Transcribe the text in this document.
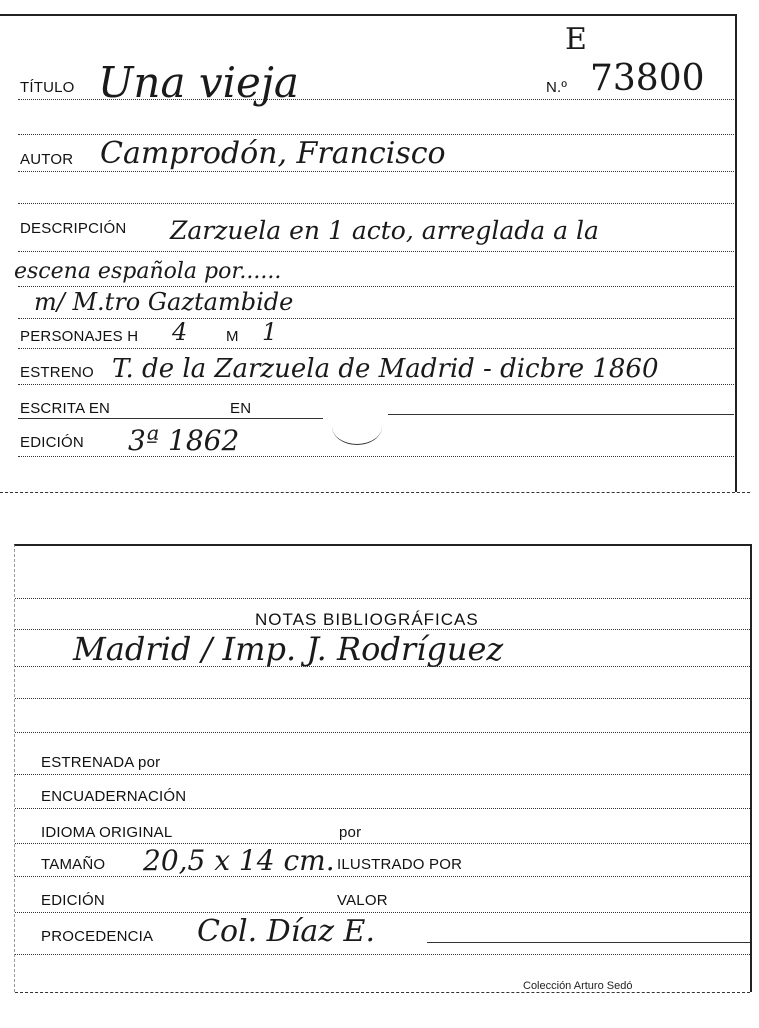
E
TÍTULO Una vieja	N.º 73800
AUTOR Camprodón, Francisco
DESCRIPCIÓN Zarzuela en 1 acto, arreglada a la
escena española por......
m/ M.tro Gaztambide
PERSONAJES H 4	M 1
ESTRENO T. de la Zarzuela de Madrid - dicbre 1860
ESCRITA EN	EN
EDICIÓN 3ª 1862
NOTAS BIBLIOGRÁFICAS
Madrid / Imp. J. Rodríguez
ESTRENADA por
ENCUADERNACIÓN
IDIOMA ORIGINAL	por
TAMAÑO 20,5 x 14 cm. ILUSTRADO POR
EDICIÓN	VALOR
PROCEDENCIA Col. Díaz E.
Colección Arturo Sedó
